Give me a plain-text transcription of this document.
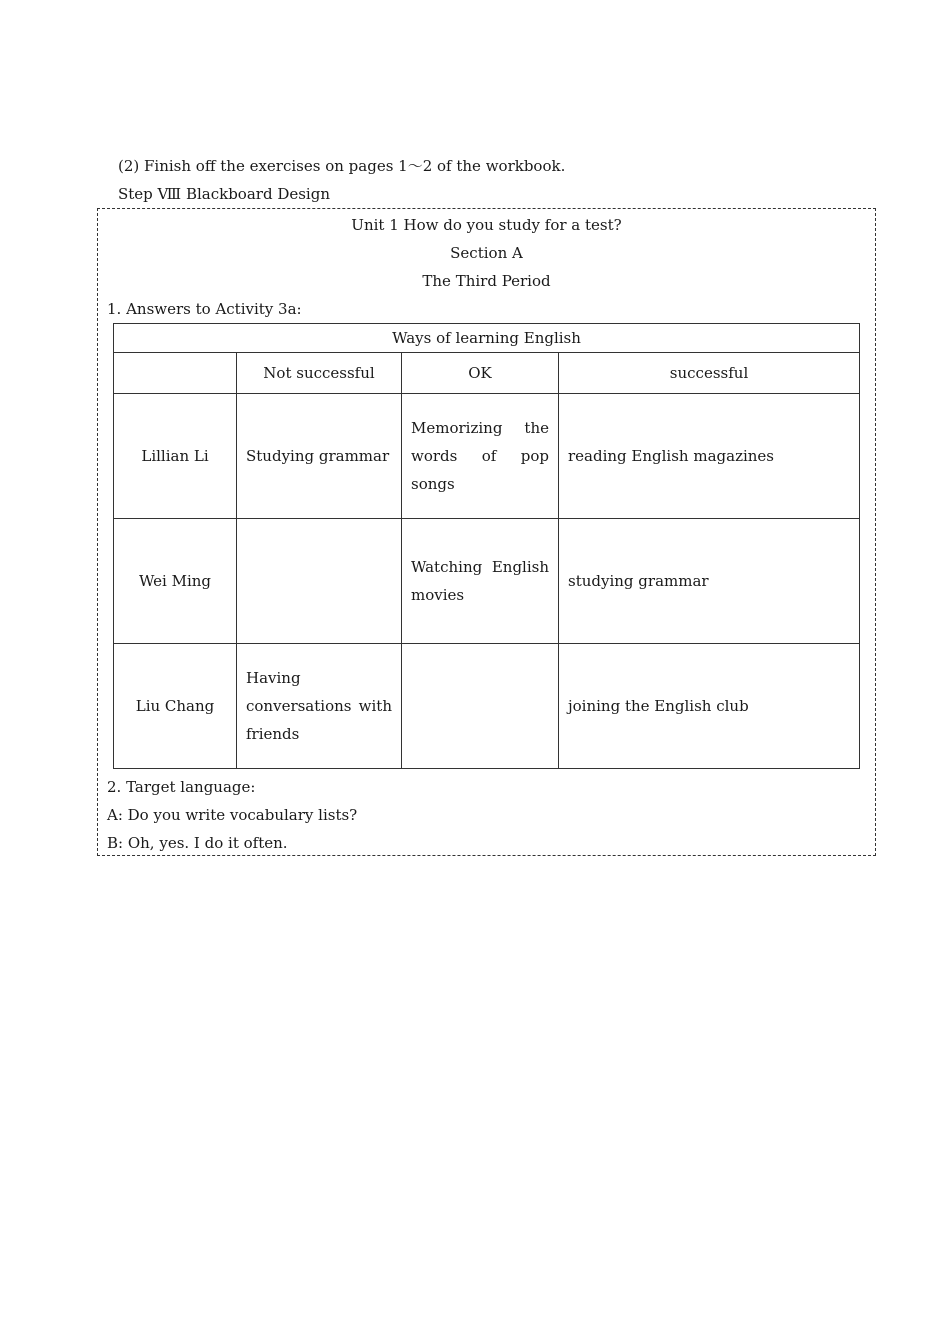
(2) Finish off the exercises on pages 1～2 of the workbook.
Step Ⅷ Blackboard Design
Unit 1 How do you study for a test?
Section A
The Third Period
1. Answers to Activity 3a:
Ways of learning English			
	Not successful	OK	successful
Lillian Li	Studying grammar	Memorizing the words of pop songs	reading English magazines
Wei Ming		Watching English movies	studying grammar
Liu Chang	Having conversations with friends		joining the English club
2. Target language:
A: Do you write vocabulary lists?
B: Oh, yes. I do it often.
